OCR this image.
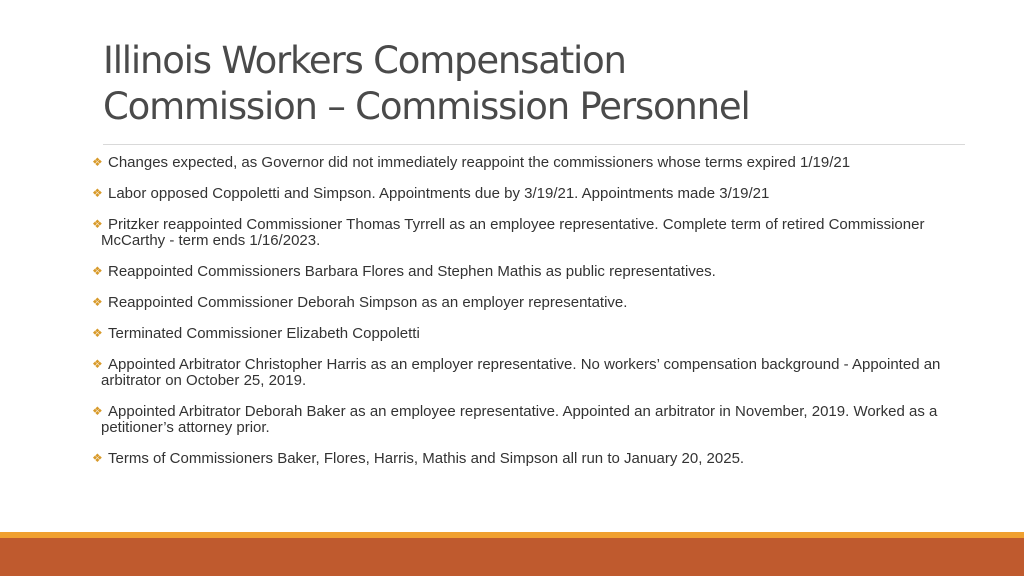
Illinois Workers Compensation
Commission – Commission Personnel
❖ Changes expected, as Governor did not immediately reappoint the commissioners whose terms expired 1/19/21
❖ Labor opposed Coppoletti and Simpson. Appointments due by 3/19/21. Appointments made 3/19/21
❖ Pritzker reappointed Commissioner Thomas Tyrrell as an employee representative. Complete term of retired Commissioner McCarthy - term ends 1/16/2023.
❖ Reappointed Commissioners Barbara Flores and Stephen Mathis as public representatives.
❖ Reappointed Commissioner Deborah Simpson as an employer representative.
❖ Terminated Commissioner Elizabeth Coppoletti
❖ Appointed Arbitrator Christopher Harris as an employer representative. No workers’ compensation background - Appointed an arbitrator on October 25, 2019.
❖ Appointed Arbitrator Deborah Baker as an employee representative. Appointed an arbitrator in November, 2019. Worked as a petitioner’s attorney prior.
❖ Terms of Commissioners Baker, Flores, Harris, Mathis and Simpson all run to January 20, 2025.
